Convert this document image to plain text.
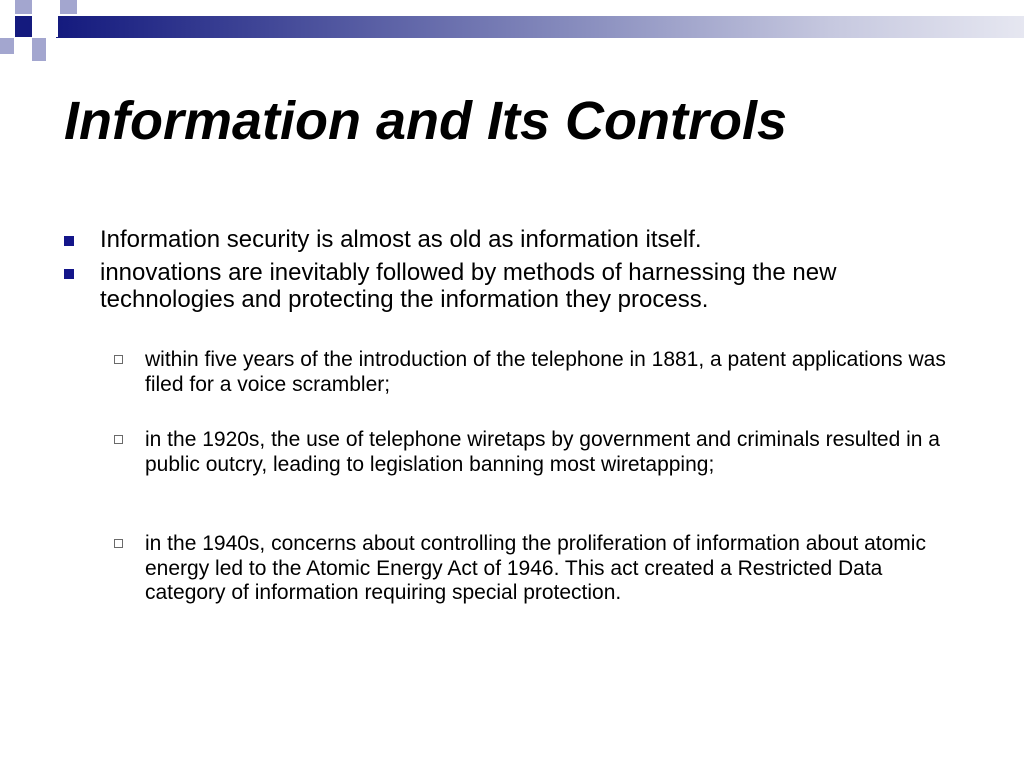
Information and Its Controls
Information security is almost as old as information itself.
innovations are inevitably followed by methods of harnessing the new technologies and protecting the information they process.
within five years of the introduction of the telephone in 1881, a patent applications was filed for a voice scrambler;
in the 1920s, the use of telephone wiretaps by government and criminals resulted in a public outcry, leading to legislation banning most wiretapping;
in the 1940s, concerns about controlling the proliferation of information about atomic energy led to the Atomic Energy Act of 1946. This act created a Restricted Data category of information requiring special protection.
